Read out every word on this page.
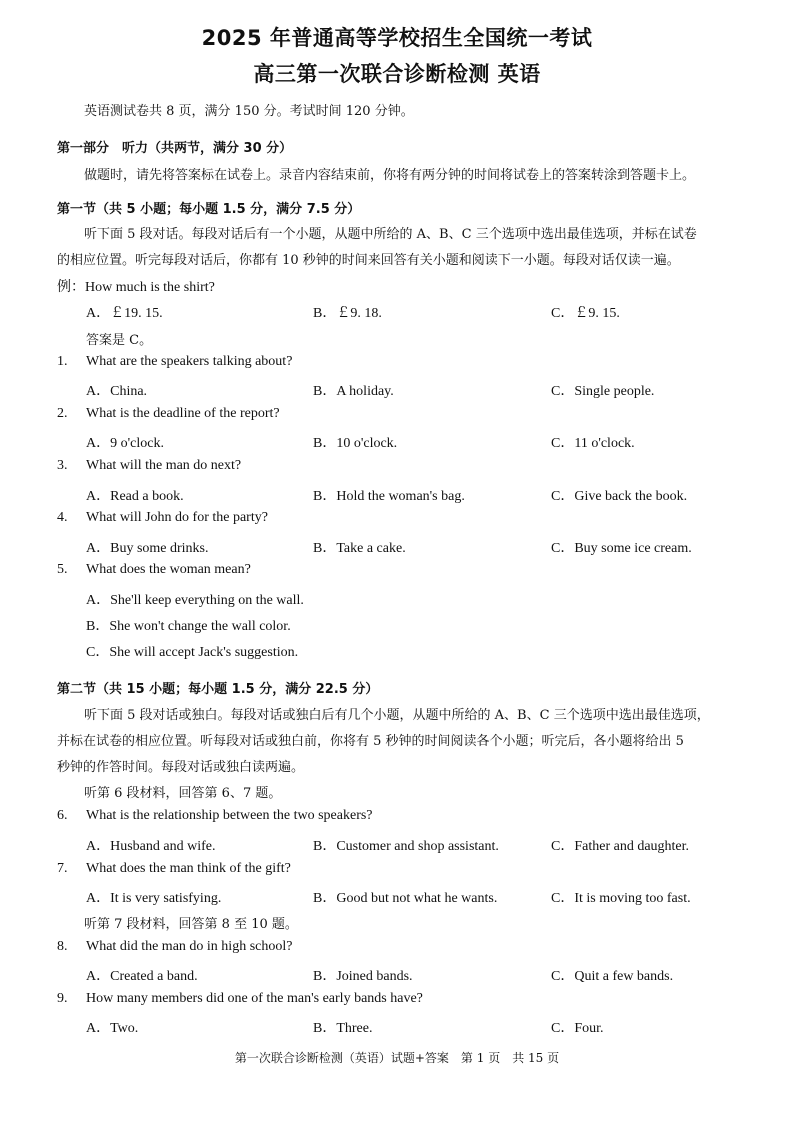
2025 年普通高等学校招生全国统一考试
高三第一次联合诊断检测 英语
英语测试卷共 8 页，满分 150 分。考试时间 120 分钟。
第一部分　听力（共两节，满分 30 分）
做题时，请先将答案标在试卷上。录音内容结束前，你将有两分钟的时间将试卷上的答案转涂到答题卡上。
第一节（共 5 小题；每小题 1.5 分，满分 7.5 分）
听下面 5 段对话。每段对话后有一个小题，从题中所给的 A、B、C 三个选项中选出最佳选项，并标在试卷
的相应位置。听完每段对话后，你都有 10 秒钟的时间来回答有关小题和阅读下一小题。每段对话仅读一遍。
例：How much is the shirt?
A．￡19. 15.	B．￡9. 18.	C．￡9. 15.
答案是 C。
1. What are the speakers talking about?
A．China.	B．A holiday.	C．Single people.
2. What is the deadline of the report?
A．9 o'clock.	B．10 o'clock.	C．11 o'clock.
3. What will the man do next?
A．Read a book.	B．Hold the woman's bag.	C．Give back the book.
4. What will John do for the party?
A．Buy some drinks.	B．Take a cake.	C．Buy some ice cream.
5. What does the woman mean?
A．She'll keep everything on the wall.
B．She won't change the wall color.
C．She will accept Jack's suggestion.
第二节（共 15 小题；每小题 1.5 分，满分 22.5 分）
听下面 5 段对话或独白。每段对话或独白后有几个小题，从题中所给的 A、B、C 三个选项中选出最佳选项，
并标在试卷的相应位置。听每段对话或独白前，你将有 5 秒钟的时间阅读各个小题；听完后，各小题将给出 5
秒钟的作答时间。每段对话或独白读两遍。
听第 6 段材料，回答第 6、7 题。
6. What is the relationship between the two speakers?
A．Husband and wife.	B．Customer and shop assistant.	C．Father and daughter.
7. What does the man think of the gift?
A．It is very satisfying.	B．Good but not what he wants.	C．It is moving too fast.
听第 7 段材料，回答第 8 至 10 题。
8. What did the man do in high school?
A．Created a band.	B．Joined bands.	C．Quit a few bands.
9. How many members did one of the man's early bands have?
A．Two.	B．Three.	C．Four.
第一次联合诊断检测（英语）试题+答案　第 1 页　共 15 页
